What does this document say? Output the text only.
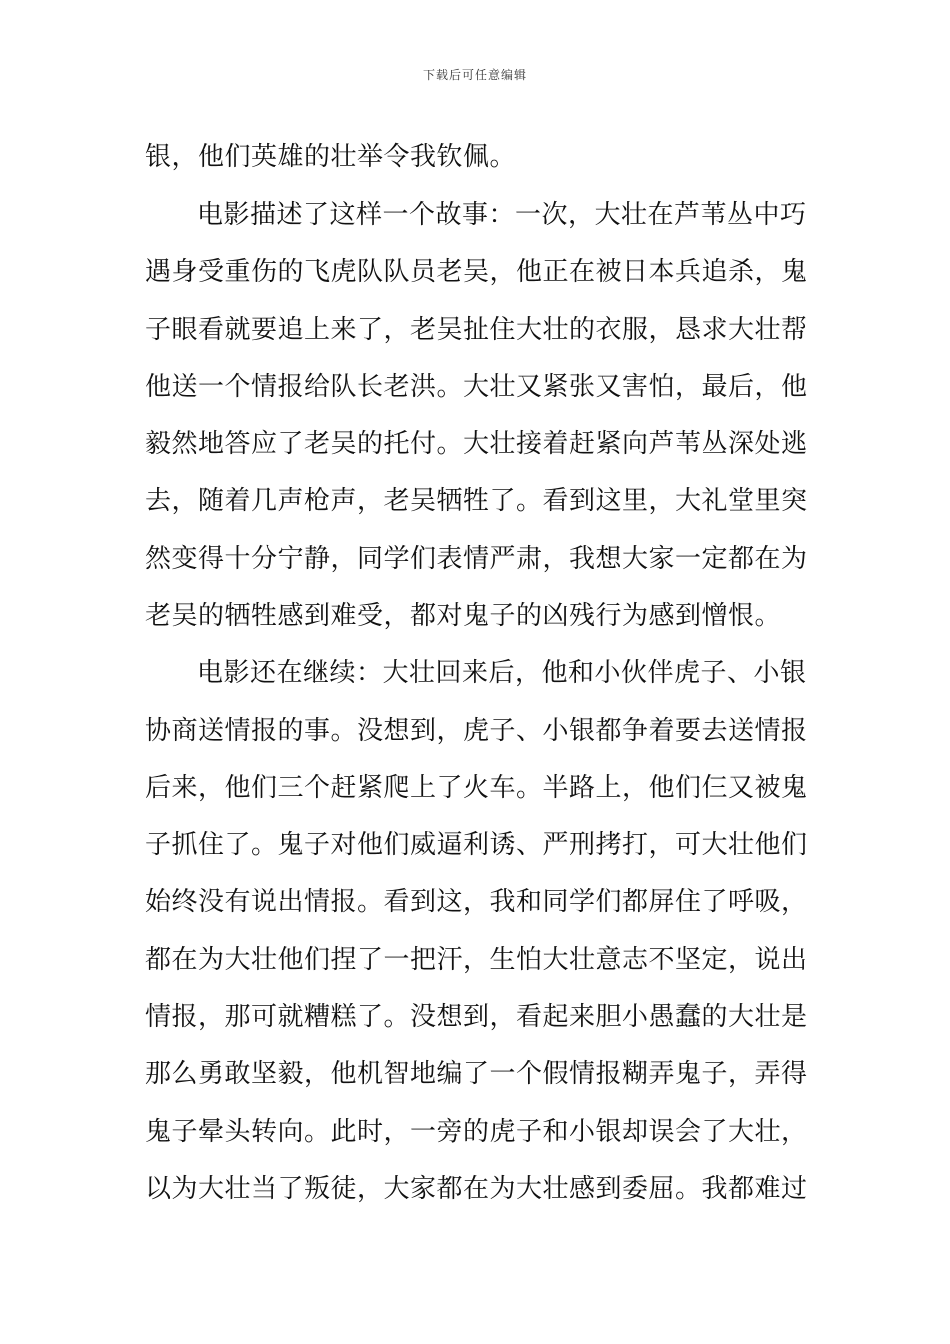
下载后可任意编辑
银，他们英雄的壮举令我钦佩。
电影描述了这样一个故事：一次，大壮在芦苇丛中巧
遇身受重伤的飞虎队队员老吴，他正在被日本兵追杀，鬼
子眼看就要追上来了，老吴扯住大壮的衣服，恳求大壮帮
他送一个情报给队长老洪。大壮又紧张又害怕，最后，他
毅然地答应了老吴的托付。大壮接着赶紧向芦苇丛深处逃
去，随着几声枪声，老吴牺牲了。看到这里，大礼堂里突
然变得十分宁静，同学们表情严肃，我想大家一定都在为
老吴的牺牲感到难受，都对鬼子的凶残行为感到憎恨。
电影还在继续：大壮回来后，他和小伙伴虎子、小银
协商送情报的事。没想到，虎子、小银都争着要去送情报
后来，他们三个赶紧爬上了火车。半路上，他们仨又被鬼
子抓住了。鬼子对他们威逼利诱、严刑拷打，可大壮他们
始终没有说出情报。看到这，我和同学们都屏住了呼吸，
都在为大壮他们捏了一把汗，生怕大壮意志不坚定，说出
情报，那可就糟糕了。没想到，看起来胆小愚蠢的大壮是
那么勇敢坚毅，他机智地编了一个假情报糊弄鬼子，弄得
鬼子晕头转向。此时，一旁的虎子和小银却误会了大壮，
以为大壮当了叛徒，大家都在为大壮感到委屈。我都难过
